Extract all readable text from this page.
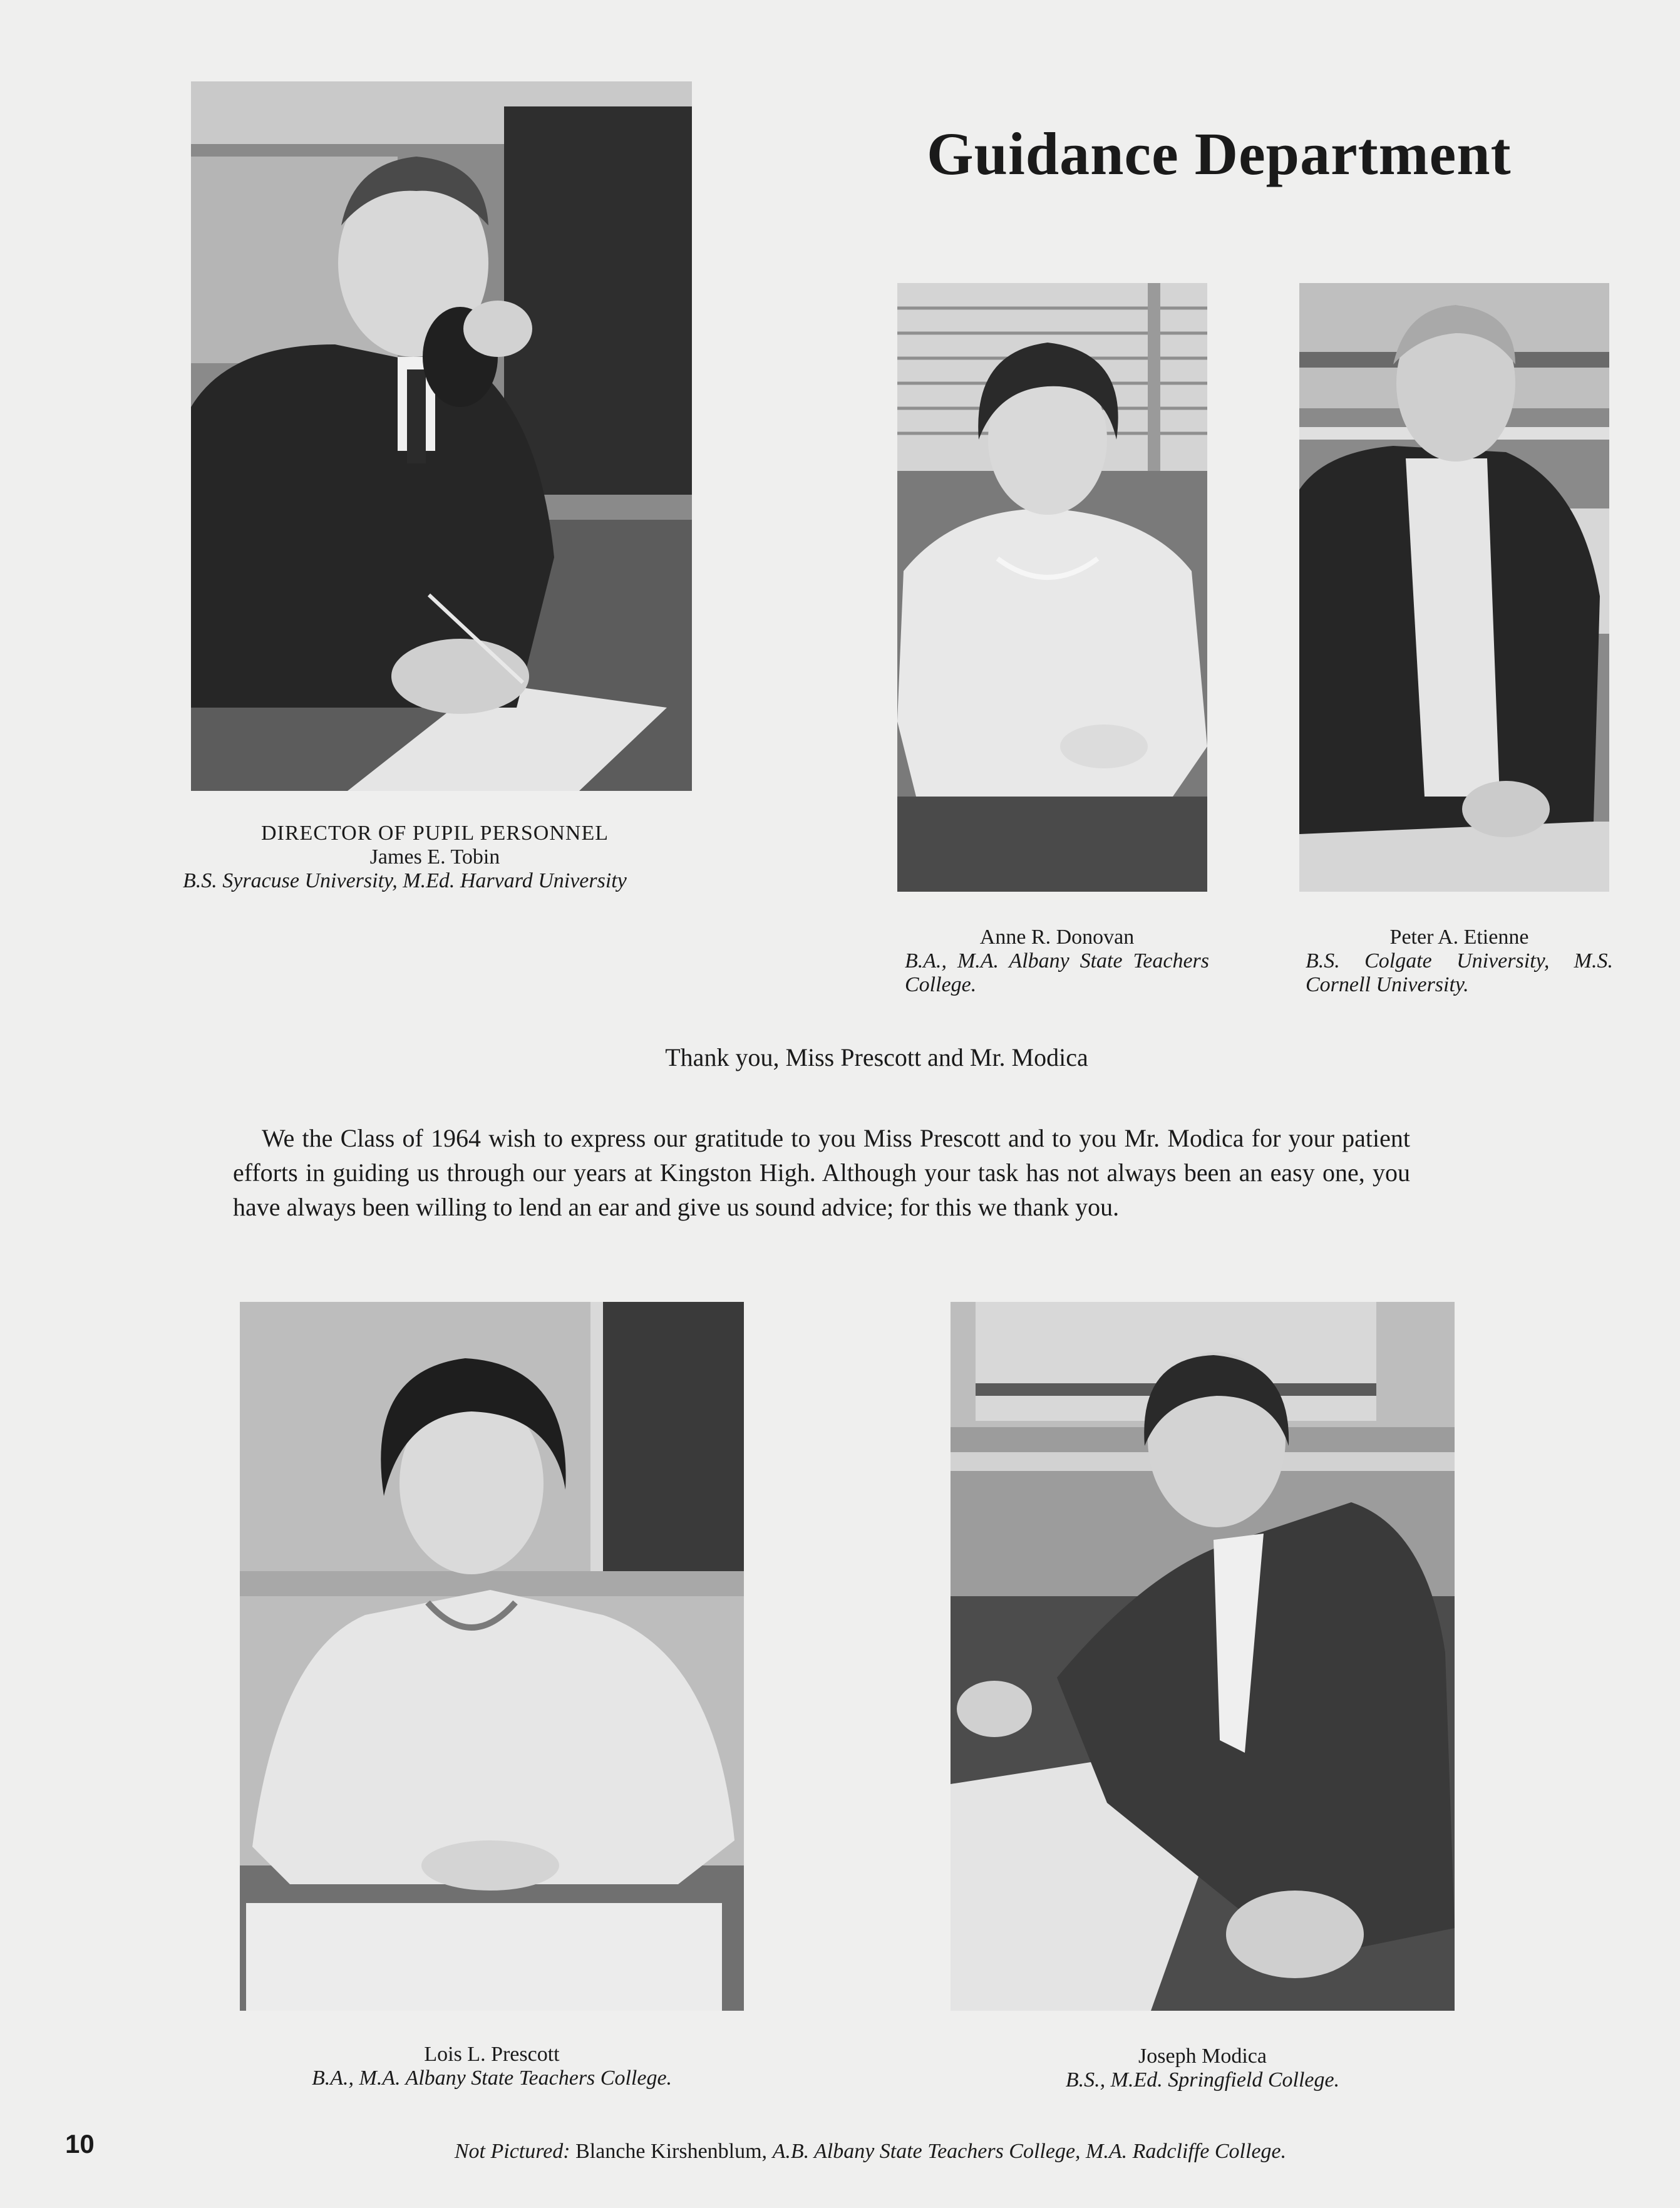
Guidance Department
DIRECTOR OF PUPIL PERSONNEL
James E. Tobin
B.S. Syracuse University, M.Ed. Harvard University
Anne R. Donovan
B.A., M.A. Albany State Teachers College.
Peter A. Etienne
B.S. Colgate University, M.S. Cornell University.
Thank you, Miss Prescott and Mr. Modica
We the Class of 1964 wish to express our gratitude to you Miss Prescott and to you Mr. Modica for your patient efforts in guiding us through our years at Kingston High. Although your task has not always been an easy one, you have always been willing to lend an ear and give us sound advice; for this we thank you.
Lois L. Prescott
B.A., M.A. Albany State Teachers College.
Joseph Modica
B.S., M.Ed. Springfield College.
10	Not Pictured: Blanche Kirshenblum, A.B. Albany State Teachers College, M.A. Radcliffe College.
